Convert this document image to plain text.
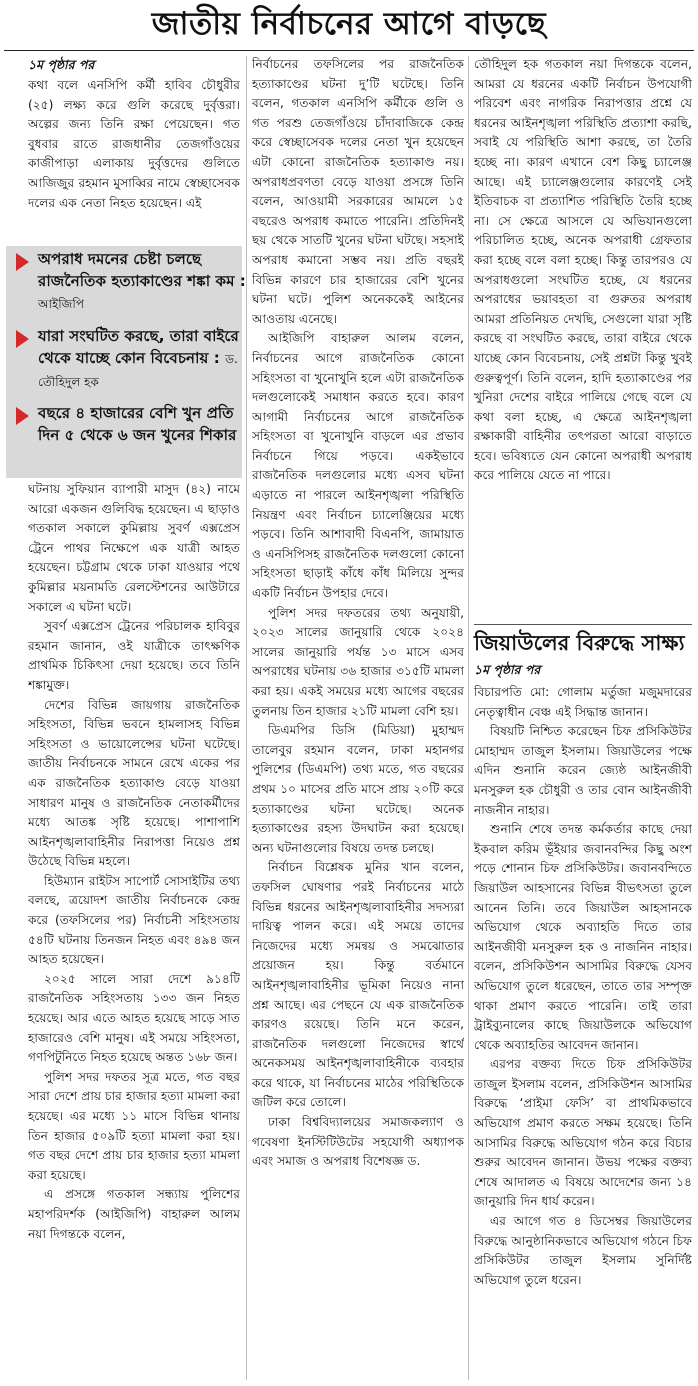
জাতীয় নির্বাচনের আগে বাড়ছে

১ম পৃষ্ঠার পর

কথা বলে এনসিপি কর্মী হাবিব চৌধুরীর (২৫) লক্ষ্য করে গুলি করেছে দুর্বৃত্তরা। অল্পের জন্য তিনি রক্ষা পেয়েছেন। গত বুধবার রাতে রাজধানীর তেজগাঁওয়ের কাজীপাড়া এলাকায় দুর্বৃত্তদের গুলিতে আজিজুর রহমান মুসাব্বির নামে স্বেচ্ছাসেবক দলের এক নেতা নিহত হয়েছেন। এই

অপরাধ দমনের চেষ্টা চলছে রাজনৈতিক হত্যাকাণ্ডের শঙ্কা কম : আইজিপি
যারা সংঘটিত করছে, তারা বাইরে থেকে যাচ্ছে কোন বিবেচনায় : ড. তৌহিদুল হক
বছরে ৪ হাজারের বেশি খুন প্রতি দিন ৫ থেকে ৬ জন খুনের শিকার

ঘটনায় সুফিয়ান ব্যাপারী মাসুদ (৪২) নামে আরো একজন গুলিবিদ্ধ হয়েছেন। এ ছাড়াও গতকাল সকালে কুমিল্লায় সুবর্ণ এক্সপ্রেস ট্রেনে পাথর নিক্ষেপে এক যাত্রী আহত হয়েছেন। চট্টগ্রাম থেকে ঢাকা যাওয়ার পথে কুমিল্লার ময়নামতি রেলস্টেশনের আউটারে সকালে এ ঘটনা ঘটে।

সুবর্ণ এক্সপ্রেস ট্রেনের পরিচালক হাবিবুর রহমান জানান, ওই যাত্রীকে তাৎক্ষণিক প্রাথমিক চিকিৎসা দেয়া হয়েছে। তবে তিনি শঙ্কামুক্ত।

দেশের বিভিন্ন জায়গায় রাজনৈতিক সহিংসতা, বিভিন্ন ভবনে হামলাসহ বিভিন্ন সহিংসতা ও ভায়োলেন্সের ঘটনা ঘটেছে। জাতীয় নির্বাচনকে সামনে রেখে একের পর এক রাজনৈতিক হত্যাকাণ্ড বেড়ে যাওয়া সাধারণ মানুষ ও রাজনৈতিক নেতাকর্মীদের মধ্যে আতঙ্ক সৃষ্টি হয়েছে। পাশাপাশি আইনশৃঙ্খলাবাহিনীর নিরাপত্তা নিয়েও প্রশ্ন উঠেছে বিভিন্ন মহলে।

হিউম্যান রাইটস সাপোর্ট সোসাইটির তথ্য বলছে, ত্রয়োদশ জাতীয় নির্বাচনকে কেন্দ্র করে (তফসিলের পর) নির্বাচনী সহিংসতায় ৫৪টি ঘটনায় তিনজন নিহত এবং ৪৯৪ জন আহত হয়েছেন।

২০২৫ সালে সারা দেশে ৯১৪টি রাজনৈতিক সহিংসতায় ১৩৩ জন নিহত হয়েছে। আর এতে আহত হয়েছে সাড়ে সাত হাজারেও বেশি মানুষ। এই সময়ে সহিংসতা, গণপিটুনিতে নিহত হয়েছে অন্তত ১৬৮ জন।

পুলিশ সদর দফতর সূত্র মতে, গত বছর সারা দেশে প্রায় চার হাজার হত্যা মামলা করা হয়েছে। এর মধ্যে ১১ মাসে বিভিন্ন থানায় তিন হাজার ৫০৯টি হত্যা মামলা করা হয়। গত বছর দেশে প্রায় চার হাজার হত্যা মামলা করা হয়েছে।

এ প্রসঙ্গে গতকাল সন্ধ্যায় পুলিশের মহাপরিদর্শক (আইজিপি) বাহারুল আলম নয়া দিগন্তকে বলেন,

নির্বাচনের তফসিলের পর রাজনৈতিক হত্যাকাণ্ডের ঘটনা দু’টি ঘটেছে। তিনি বলেন, গতকাল এনসিপি কর্মীকে গুলি ও গত পরশু তেজগাঁওয়ে চাঁদাবাজিকে কেন্দ্র করে স্বেচ্ছাসেবক দলের নেতা খুন হয়েছেন এটা কোনো রাজনৈতিক হত্যাকাণ্ড নয়। অপরাধপ্রবণতা বেড়ে যাওয়া প্রসঙ্গে তিনি বলেন, আওয়ামী সরকারের আমলে ১৫ বছরেও অপরাধ কমাতে পারেনি। প্রতিদিনই ছয় থেকে সাতটি খুনের ঘটনা ঘটছে। সহসাই অপরাধ কমানো সম্ভব নয়। প্রতি বছরই বিভিন্ন কারণে চার হাজারের বেশি খুনের ঘটনা ঘটে। পুলিশ অনেককেই আইনের আওতায় এনেছে।

আইজিপি বাহারুল আলম বলেন, নির্বাচনের আগে রাজনৈতিক কোনো সহিংসতা বা খুনোখুনি হলে এটা রাজনৈতিক দলগুলোকেই সমাধান করতে হবে। কারণ আগামী নির্বাচনের আগে রাজনৈতিক সহিংসতা বা খুনোখুনি বাড়লে এর প্রভাব নির্বাচনে গিয়ে পড়বে। একইভাবে রাজনৈতিক দলগুলোর মধ্যে এসব ঘটনা এড়াতে না পারলে আইনশৃঙ্খলা পরিস্থিতি নিয়ন্ত্রণ এবং নির্বাচন চ্যালেঞ্জিয়ের মধ্যে পড়বে। তিনি আশাবাদী বিএনপি, জামায়াত ও এনসিপিসহ রাজনৈতিক দলগুলো কোনো সহিংসতা ছাড়াই কাঁধে কাঁধ মিলিয়ে সুন্দর একটি নির্বাচন উপহার দেবে।

পুলিশ সদর দফতরের তথ্য অনুযায়ী, ২০২৩ সালের জানুয়ারি থেকে ২০২৪ সালের জানুয়ারি পর্যন্ত ১৩ মাসে এসব অপরাধের ঘটনায় ৩৬ হাজার ৩১৫টি মামলা করা হয়। একই সময়ের মধ্যে আগের বছরের তুলনায় তিন হাজার ২১টি মামলা বেশি হয়।

ডিএমপির ডিসি (মিডিয়া) মুহাম্মদ তালেবুর রহমান বলেন, ঢাকা মহানগর পুলিশের (ডিএমপি) তথ্য মতে, গত বছরের প্রথম ১০ মাসের প্রতি মাসে প্রায় ২০টি করে হত্যাকাণ্ডের ঘটনা ঘটেছে। অনেক হত্যাকাণ্ডের রহস্য উদঘাটন করা হয়েছে। অন্য ঘটনাগুলোর বিষয়ে তদন্ত চলছে।

নির্বাচন বিশ্লেষক মুনির খান বলেন, তফসিল ঘোষণার পরই নির্বাচনের মাঠে বিভিন্ন ধরনের আইনশৃঙ্খলাবাহিনীর সদস্যরা দায়িত্ব পালন করে। এই সময়ে তাদের নিজেদের মধ্যে সমন্বয় ও সমঝোতার প্রয়োজন হয়। কিন্তু বর্তমানে আইনশৃঙ্খলাবাহিনীর ভূমিকা নিয়েও নানা প্রশ্ন আছে। এর পেছনে যে এক রাজনৈতিক কারণও রয়েছে। তিনি মনে করেন, রাজনৈতিক দলগুলো নিজেদের স্বার্থে অনেকসময় আইনশৃঙ্খলাবাহিনীকে ব্যবহার করে থাকে, যা নির্বাচনের মাঠের পরিস্থিতিকে জটিল করে তোলে।

ঢাকা বিশ্ববিদ্যালয়ের সমাজকল্যাণ ও গবেষণা ইনস্টিটিউটের সহযোগী অধ্যাপক এবং সমাজ ও অপরাধ বিশেষজ্ঞ ড.

তৌহিদুল হক গতকাল নয়া দিগন্তকে বলেন, আমরা যে ধরনের একটি নির্বাচন উপযোগী পরিবেশ এবং নাগরিক নিরাপত্তার প্রশ্নে যে ধরনের আইনশৃঙ্খলা পরিস্থিতি প্রত্যাশা করছি, সবাই যে পরিস্থিতি আশা করছে, তা তৈরি হচ্ছে না। কারণ এখানে বেশ কিছু চ্যালেঞ্জ আছে। এই চ্যালেঞ্জগুলোর কারণেই সেই ইতিবাচক বা প্রত্যাশিত পরিস্থিতি তৈরি হচ্ছে না। সে ক্ষেত্রে আসলে যে অভিযানগুলো পরিচালিত হচ্ছে, অনেক অপরাধী গ্রেফতার করা হচ্ছে বলে বলা হচ্ছে। কিন্তু তারপরও যে অপরাধগুলো সংঘটিত হচ্ছে, যে ধরনের অপরাধের ভয়াবহতা বা গুরুতর অপরাধ আমরা প্রতিনিয়ত দেখছি, সেগুলো যারা সৃষ্টি করছে বা সংঘটিত করছে, তারা বাইরে থেকে যাচ্ছে কোন বিবেচনায়, সেই প্রশ্নটা কিন্তু খুবই গুরুত্বপূর্ণ। তিনি বলেন, হাদি হত্যাকাণ্ডের পর খুনিরা দেশের বাইরে পালিয়ে গেছে বলে যে কথা বলা হচ্ছে, এ ক্ষেত্রে আইনশৃঙ্খলা রক্ষাকারী বাহিনীর তৎপরতা আরো বাড়াতে হবে। ভবিষ্যতে যেন কোনো অপরাধী অপরাধ করে পালিয়ে যেতে না পারে।

জিয়াউলের বিরুদ্ধে সাক্ষ্য

১ম পৃষ্ঠার পর

বিচারপতি মো: গোলাম মর্তুজা মজুমদারের নেতৃত্বাধীন বেঞ্চ এই সিদ্ধান্ত জানান।

বিষয়টি নিশ্চিত করেছেন চিফ প্রসিকিউটর মোহাম্মদ তাজুল ইসলাম। জিয়াউলের পক্ষে এদিন শুনানি করেন জ্যেষ্ঠ আইনজীবী মনসুরুল হক চৌধুরী ও তার বোন আইনজীবী নাজনীন নাহার।

শুনানি শেষে তদন্ত কর্মকর্তার কাছে দেয়া ইকবাল করিম ভূঁইয়ার জবানবন্দির কিছু অংশ পড়ে শোনান চিফ প্রসিকিউটর। জবানবন্দিতে জিয়াউল আহসানের বিভিন্ন বীভৎসতা তুলে আনেন তিনি। তবে জিয়াউল আহসানকে অভিযোগ থেকে অব্যাহতি দিতে তার আইনজীবী মনসুরুল হক ও নাজনিন নাহার। বলেন, প্রসিকিউশন আসামির বিরুদ্ধে যেসব অভিযোগ তুলে ধরেছেন, তাতে তার সম্পৃক্ত থাকা প্রমাণ করতে পারেনি। তাই তারা ট্রাইব্যুনালের কাছে জিয়াউলকে অভিযোগ থেকে অব্যাহতির আবেদন জানান।

এরপর বক্তব্য দিতে চিফ প্রসিকিউটর তাজুল ইসলাম বলেন, প্রসিকিউশন আসামির বিরুদ্ধে ‘প্রাইমা ফেসি’ বা প্রাথমিকভাবে অভিযোগ প্রমাণ করতে সক্ষম হয়েছে। তিনি আসামির বিরুদ্ধে অভিযোগ গঠন করে বিচার শুরুর আবেদন জানান। উভয় পক্ষের বক্তব্য শেষে আদালত এ বিষয়ে আদেশের জন্য ১৪ জানুয়ারি দিন ধার্য করেন।

এর আগে গত ৪ ডিসেম্বর জিয়াউলের বিরুদ্ধে আনুষ্ঠানিকভাবে অভিযোগ গঠনে চিফ প্রসিকিউটর তাজুল ইসলাম সুনির্দিষ্ট অভিযোগ তুলে ধরেন।
